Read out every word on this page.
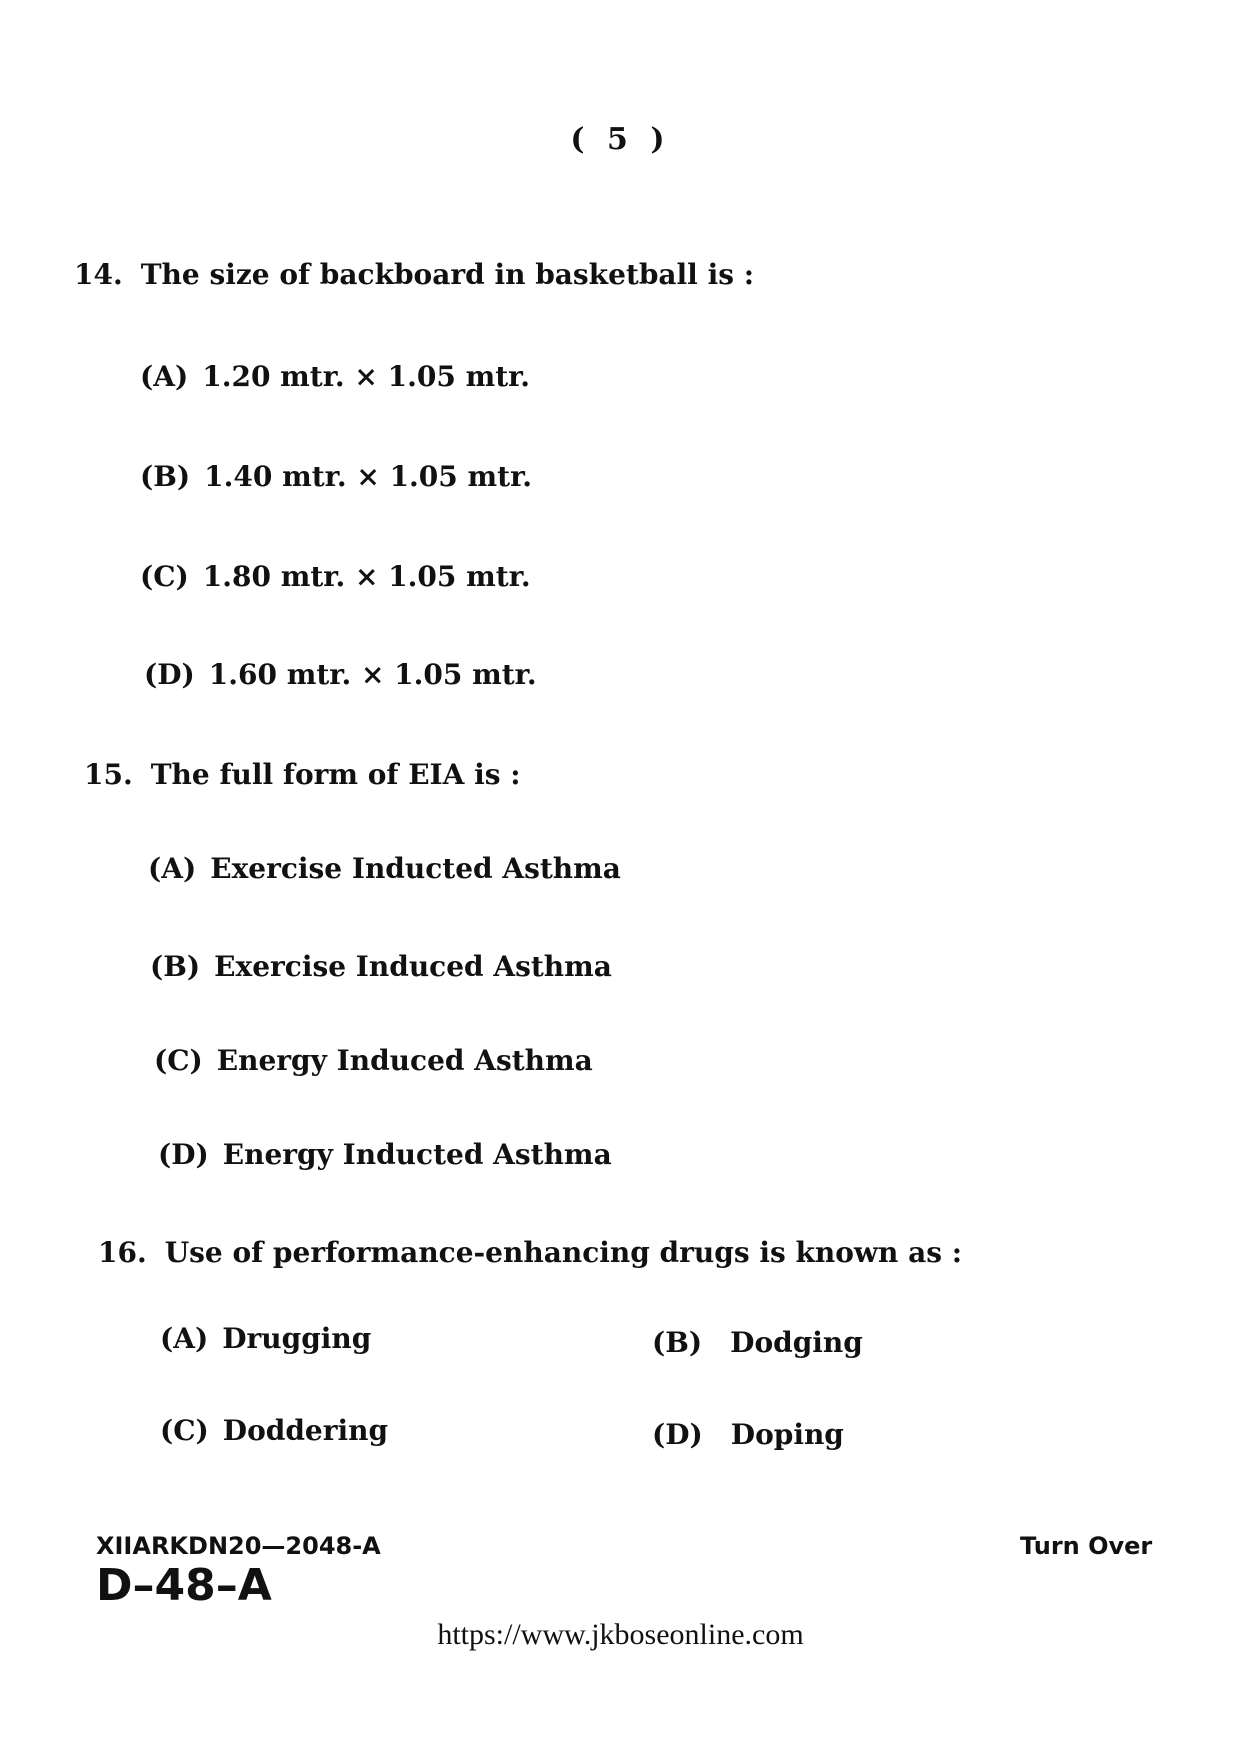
( 5 )
14. The size of backboard in basketball is :
(A) 1.20 mtr. × 1.05 mtr.
(B) 1.40 mtr. × 1.05 mtr.
(C) 1.80 mtr. × 1.05 mtr.
(D) 1.60 mtr. × 1.05 mtr.
15. The full form of EIA is :
(A) Exercise Inducted Asthma
(B) Exercise Induced Asthma
(C) Energy Induced Asthma
(D) Energy Inducted Asthma
16. Use of performance-enhancing drugs is known as :
(A) Drugging	(B) Dodging
(C) Doddering	(D) Doping
XIIARKDN20—2048-A
D–48–A
Turn Over
https://www.jkboseonline.com
